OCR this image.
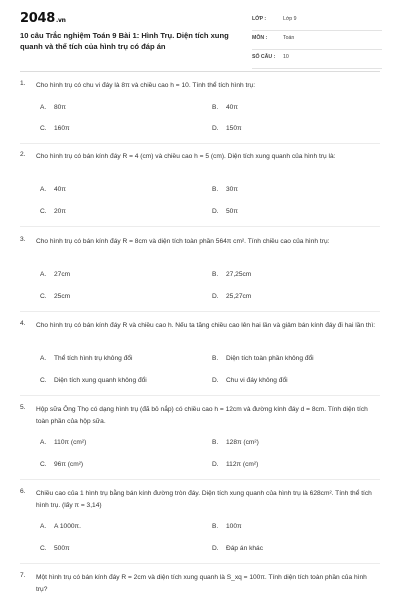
2048.vn
10 câu Trắc nghiệm Toán 9 Bài 1: Hình Trụ. Diện tích xung quanh và thể tích của hình trụ có đáp án
LỚP :	Lớp 9
MÔN :	Toán
SỐ CÂU : 10
1. Cho hình trụ có chu vi đáy là 8π và chiều cao h = 10. Tính thể tích hình trụ:
A. 80π	B. 40π
C. 160π	D. 150π
2. Cho hình trụ có bán kính đáy R = 4 (cm) và chiều cao h = 5 (cm). Diện tích xung quanh của hình trụ là:
A. 40π	B. 30π
C. 20π	D. 50π
3. Cho hình trụ có bán kính đáy R = 8cm và diện tích toàn phần 564π cm². Tính chiều cao của hình trụ:
A. 27cm	B. 27,25cm
C. 25cm	D. 25,27cm
4. Cho hình trụ có bán kính đáy R và chiều cao h. Nếu ta tăng chiều cao lên hai lần và giảm bán kính đáy đi hai lần thì:
A. Thể tích hình trụ không đổi	B. Diện tích toàn phần không đổi
C. Diện tích xung quanh không đổi	D. Chu vi đáy không đổi
5. Hộp sữa Ông Thọ có dạng hình trụ (đã bỏ nắp) có chiều cao h = 12cm và đường kính đáy d = 8cm. Tính diện tích toàn phần của hộp sữa.
A. 110π (cm²)	B. 128π (cm²)
C. 96π (cm²)	D. 112π (cm²)
6. Chiều cao của 1 hình trụ bằng bán kính đường tròn đáy. Diện tích xung quanh của hình trụ là 628cm². Tính thể tích hình trụ. (lấy π = 3,14)
A. A 1000π.	B. 100π
C. 500π	D. Đáp án khác
7. Một hình trụ có bán kính đáy R = 2cm và diện tích xung quanh là S_xq = 100π. Tính diện tích toàn phần của hình trụ?
